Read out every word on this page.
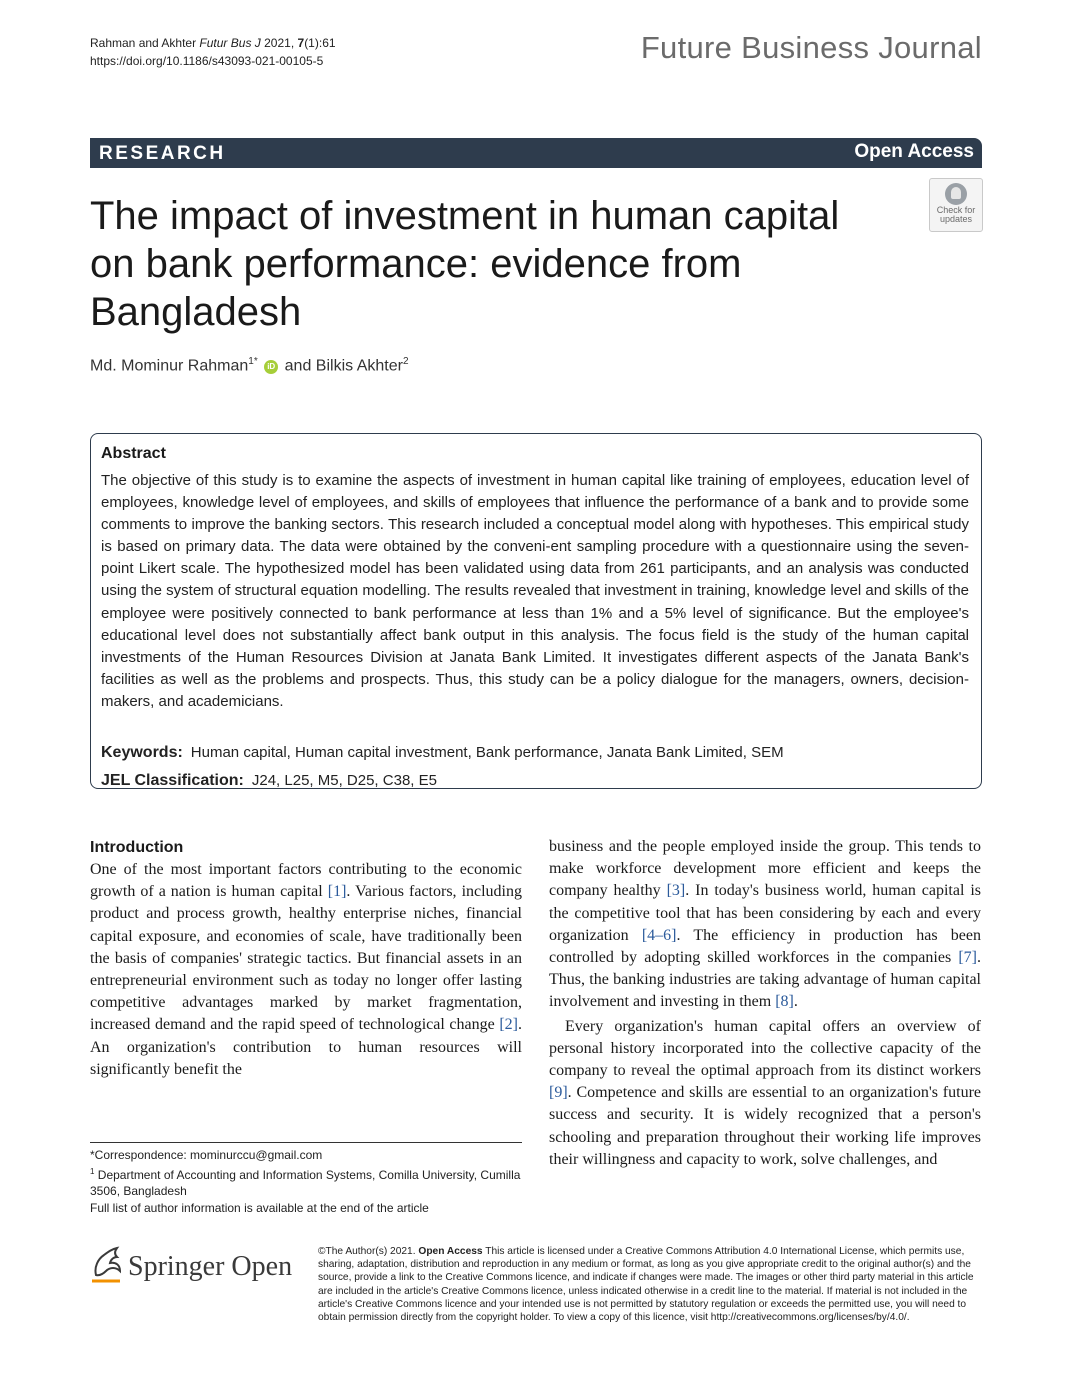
Rahman and Akhter Futur Bus J 2021, 7(1):61
https://doi.org/10.1186/s43093-021-00105-5	Future Business Journal
RESEARCH	Open Access
The impact of investment in human capital on bank performance: evidence from Bangladesh
Check for
updates
Md. Mominur Rahman$^{1*}$ iD and Bilkis Akhter$^2$
Abstract
The objective of this study is to examine the aspects of investment in human capital like training of employees, education level of employees, knowledge level of employees, and skills of employees that influence the performance of a bank and to provide some comments to improve the banking sectors. This research included a conceptual model along with hypotheses. This empirical study is based on primary data. The data were obtained by the conveni-ent sampling procedure with a questionnaire using the seven-point Likert scale. The hypothesized model has been validated using data from 261 participants, and an analysis was conducted using the system of structural equation modelling. The results revealed that investment in training, knowledge level and skills of the employee were positively connected to bank performance at less than 1% and a 5% level of significance. But the employee's educational level does not substantially affect bank output in this analysis. The focus field is the study of the human capital investments of the Human Resources Division at Janata Bank Limited. It investigates different aspects of the Janata Bank's facilities as well as the problems and prospects. Thus, this study can be a policy dialogue for the managers, owners, decision-makers, and academicians.
Keywords: Human capital, Human capital investment, Bank performance, Janata Bank Limited, SEM
JEL Classification: J24, L25, M5, D25, C38, E5
Introduction

One of the most important factors contributing to the economic growth of a nation is human capital [1]. Various factors, including product and process growth, healthy enterprise niches, financial capital exposure, and economies of scale, have traditionally been the basis of companies' strategic tactics. But financial assets in an entrepreneurial environment such as today no longer offer lasting competitive advantages marked by market fragmentation, increased demand and the rapid speed of technological change [2]. An organization's contribution to human resources will significantly benefit the

business and the people employed inside the group. This tends to make workforce development more efficient and keeps the company healthy [3]. In today's business world, human capital is the competitive tool that has been considering by each and every organization [4–6]. The efficiency in production has been controlled by adopting skilled workforces in the companies [7]. Thus, the banking industries are taking advantage of human capital involvement and investing in them [8].

Every organization's human capital offers an overview of personal history incorporated into the collective capacity of the company to reveal the optimal approach from its distinct workers [9]. Competence and skills are essential to an organization's future success and security. It is widely recognized that a person's schooling and preparation throughout their working life improves their willingness and capacity to work, solve challenges, and

*Correspondence: mominurccu@gmail.com
$^1$ Department of Accounting and Information Systems, Comilla University, Cumilla 3506, Bangladesh
Full list of author information is available at the end of the article
Springer Open	©The Author(s) 2021. Open Access This article is licensed under a Creative Commons Attribution 4.0 International License, which permits use, sharing, adaptation, distribution and reproduction in any medium or format, as long as you give appropriate credit to the original author(s) and the source, provide a link to the Creative Commons licence, and indicate if changes were made. The images or other third party material in this article are included in the article's Creative Commons licence, unless indicated otherwise in a credit line to the material. If material is not included in the article's Creative Commons licence and your intended use is not permitted by statutory regulation or exceeds the permitted use, you will need to obtain permission directly from the copyright holder. To view a copy of this licence, visit http://creativecommons.org/licenses/by/4.0/.
